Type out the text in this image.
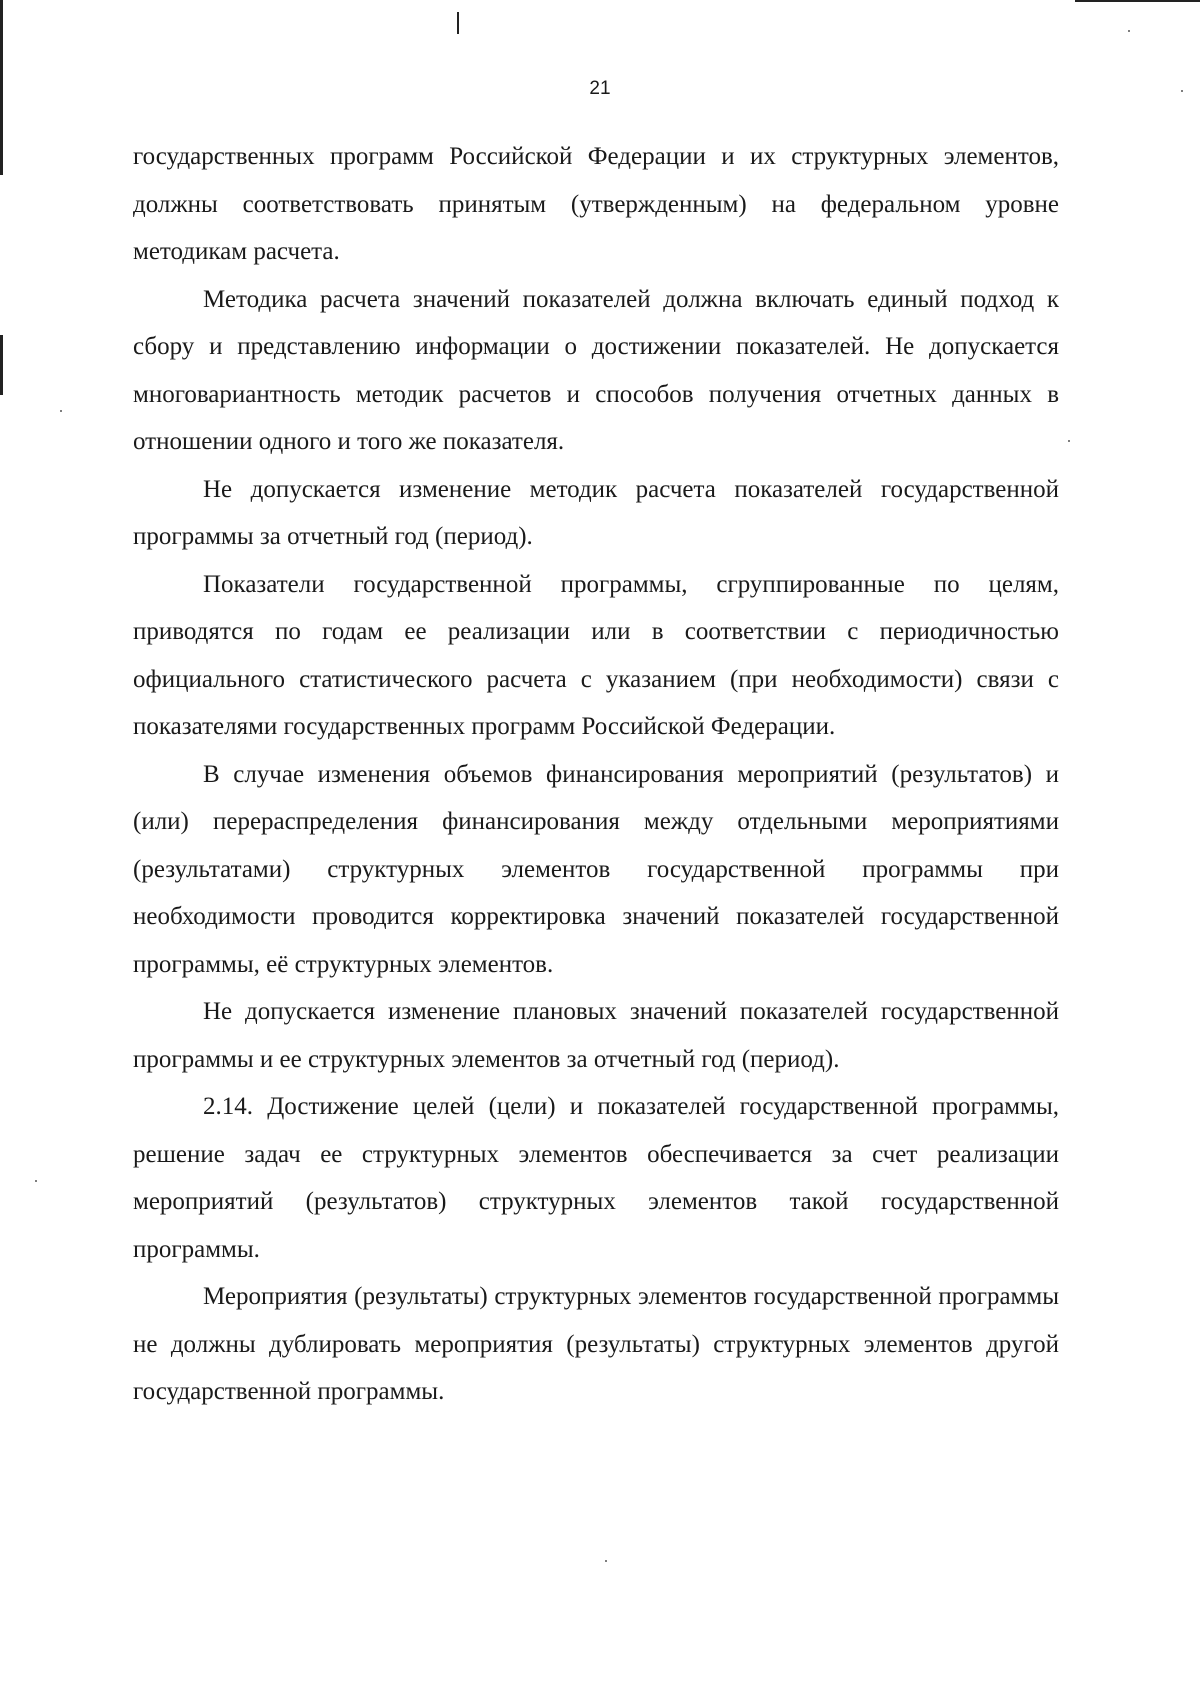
21

государственных программ Российской Федерации и их структурных элементов, должны соответствовать принятым (утвержденным) на федеральном уровне методикам расчета.

Методика расчета значений показателей должна включать единый подход к сбору и представлению информации о достижении показателей. Не допускается многовариантность методик расчетов и способов получения отчетных данных в отношении одного и того же показателя.

Не допускается изменение методик расчета показателей государственной программы за отчетный год (период).

Показатели государственной программы, сгруппированные по целям, приводятся по годам ее реализации или в соответствии с периодичностью официального статистического расчета с указанием (при необходимости) связи с показателями государственных программ Российской Федерации.

В случае изменения объемов финансирования мероприятий (результатов) и (или) перераспределения финансирования между отдельными мероприятиями (результатами) структурных элементов государственной программы при необходимости проводится корректировка значений показателей государственной программы, её структурных элементов.

Не допускается изменение плановых значений показателей государственной программы и ее структурных элементов за отчетный год (период).

2.14. Достижение целей (цели) и показателей государственной программы, решение задач ее структурных элементов обеспечивается за счет реализации мероприятий (результатов) структурных элементов такой государственной программы.

Мероприятия (результаты) структурных элементов государственной программы не должны дублировать мероприятия (результаты) структурных элементов другой государственной программы.
